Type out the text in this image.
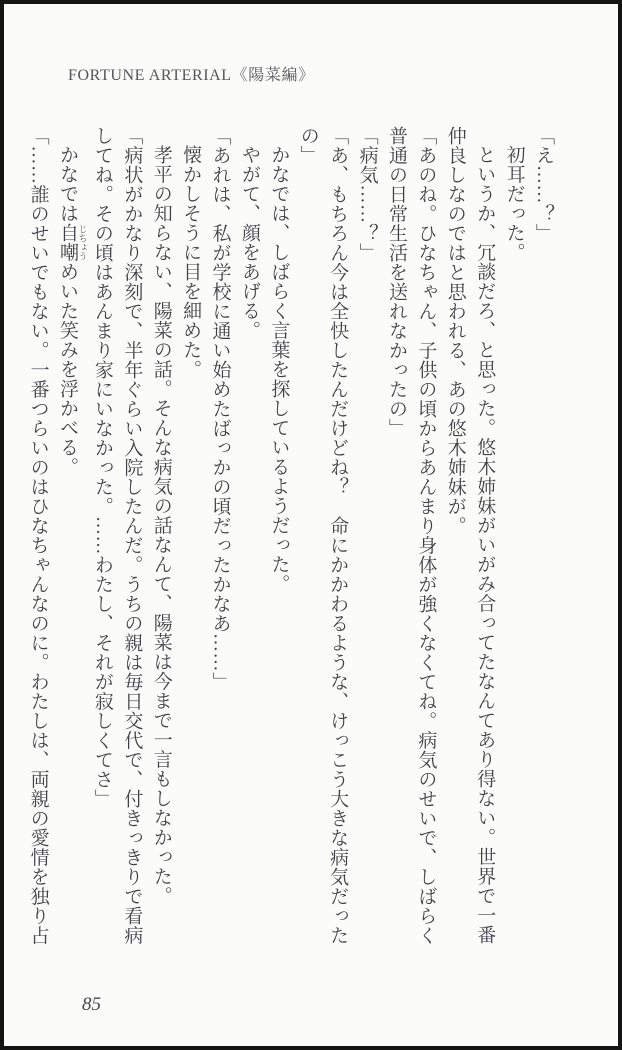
FORTUNE ARTERIAL《陽菜編》

「え……？」

初耳だった。

というか、冗談だろ、と思った。悠木姉妹がいがみ合ってたなんてあり得ない。世界で一番

仲良しなのではと思われる、あの悠木姉妹が。

「あのね。ひなちゃん、子供の頃からあんまり身体が強くなくてね。病気のせいで、しばらく

普通の日常生活を送れなかったの」

「病気……？」

「あ、もちろん今は全快したんだけどね？　命にかかわるような、けっこう大きな病気だったの」

かなでは、しばらく言葉を探しているようだった。

やがて、顔をあげる。

「あれは、私が学校に通い始めたばっかの頃だったかなあ……」

懐かしそうに目を細めた。

孝平の知らない、陽菜の話。そんな病気の話なんて、陽菜は今まで一言もしなかった。

「病状がかなり深刻で、半年ぐらい入院したんだ。うちの親は毎日交代で、付きっきりで看病

してね。その頃はあんまり家にいなかった。……わたし、それが寂しくてさ」

かなでは自嘲 じちょうめいた笑みを浮かべる。

「……誰のせいでもない。一番つらいのはひなちゃんなのに。わたしは、両親の愛情を独り占

85
